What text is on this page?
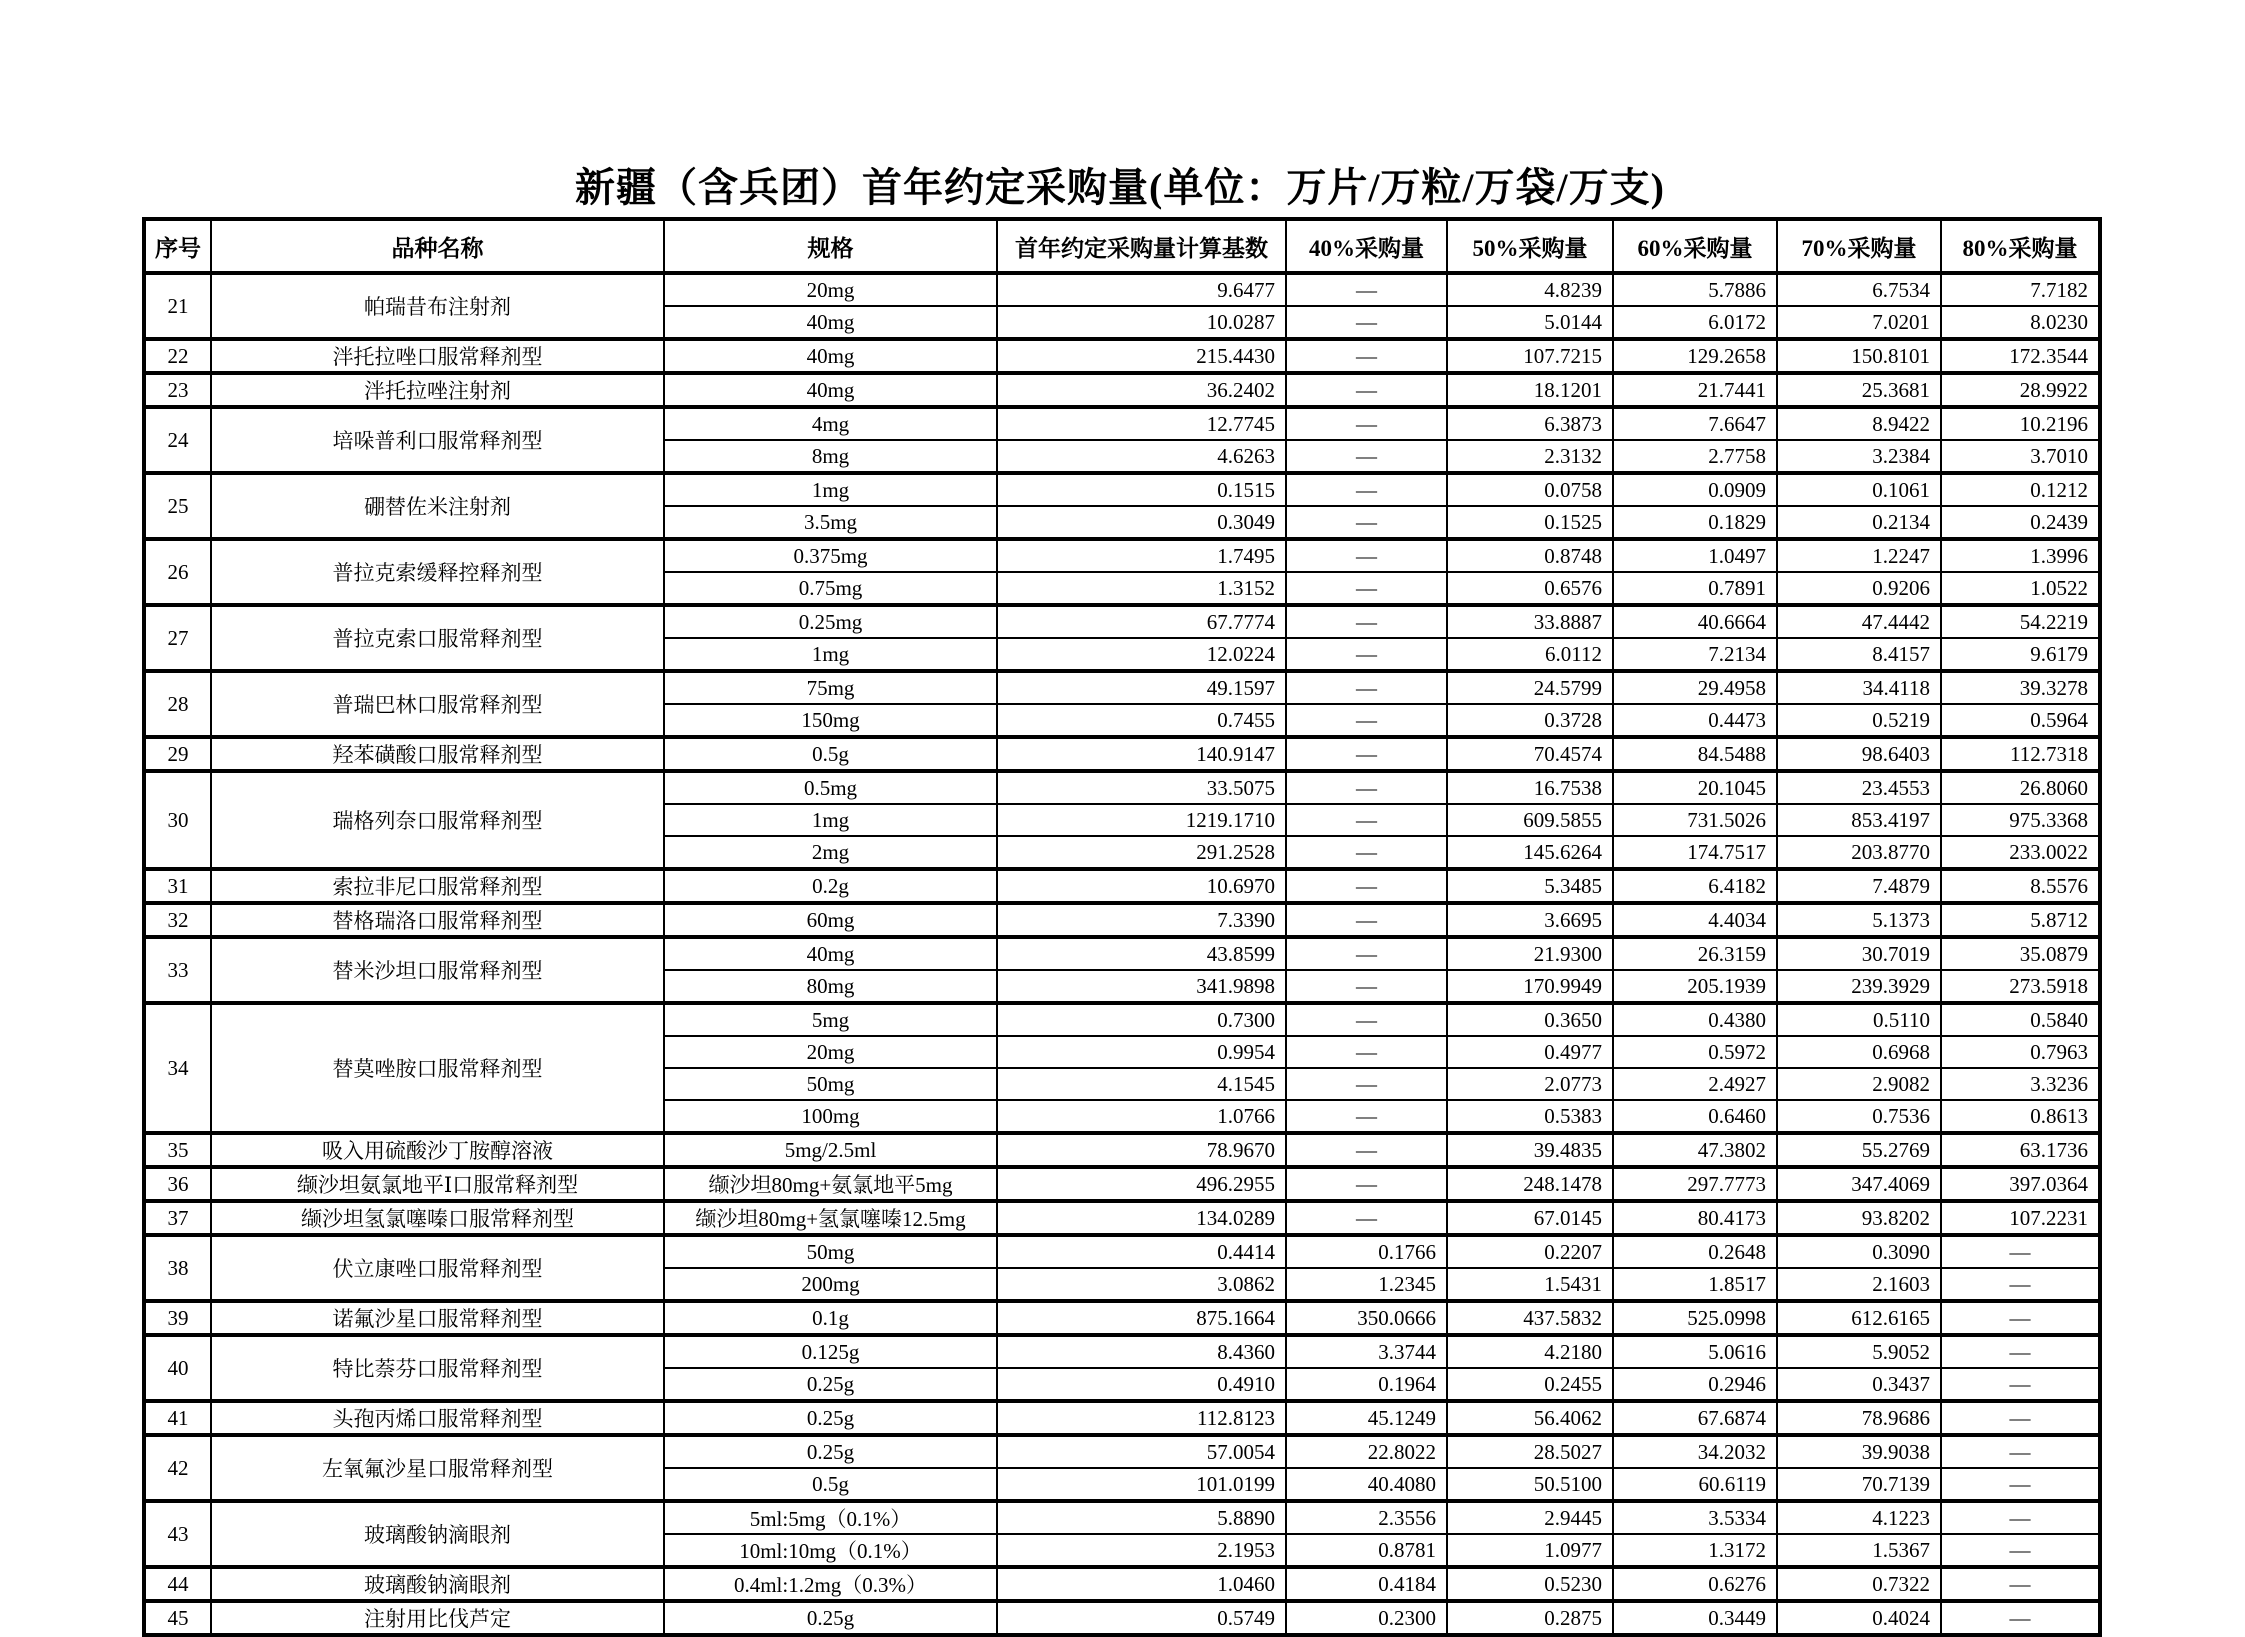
新疆（含兵团）首年约定采购量(单位：万片/万粒/万袋/万支)
序号	品种名称	规格	首年约定采购量计算基数	40%采购量	50%采购量	60%采购量	70%采购量	80%采购量
21	帕瑞昔布注射剂	20mg	9.6477	—	4.8239	5.7886	6.7534	7.7182
		40mg	10.0287	—	5.0144	6.0172	7.0201	8.0230
22	泮托拉唑口服常释剂型	40mg	215.4430	—	107.7215	129.2658	150.8101	172.3544
23	泮托拉唑注射剂	40mg	36.2402	—	18.1201	21.7441	25.3681	28.9922
24	培哚普利口服常释剂型	4mg	12.7745	—	6.3873	7.6647	8.9422	10.2196
		8mg	4.6263	—	2.3132	2.7758	3.2384	3.7010
25	硼替佐米注射剂	1mg	0.1515	—	0.0758	0.0909	0.1061	0.1212
		3.5mg	0.3049	—	0.1525	0.1829	0.2134	0.2439
26	普拉克索缓释控释剂型	0.375mg	1.7495	—	0.8748	1.0497	1.2247	1.3996
		0.75mg	1.3152	—	0.6576	0.7891	0.9206	1.0522
27	普拉克索口服常释剂型	0.25mg	67.7774	—	33.8887	40.6664	47.4442	54.2219
		1mg	12.0224	—	6.0112	7.2134	8.4157	9.6179
28	普瑞巴林口服常释剂型	75mg	49.1597	—	24.5799	29.4958	34.4118	39.3278
		150mg	0.7455	—	0.3728	0.4473	0.5219	0.5964
29	羟苯磺酸口服常释剂型	0.5g	140.9147	—	70.4574	84.5488	98.6403	112.7318
30	瑞格列奈口服常释剂型	0.5mg	33.5075	—	16.7538	20.1045	23.4553	26.8060
		1mg	1219.1710	—	609.5855	731.5026	853.4197	975.3368
		2mg	291.2528	—	145.6264	174.7517	203.8770	233.0022
31	索拉非尼口服常释剂型	0.2g	10.6970	—	5.3485	6.4182	7.4879	8.5576
32	替格瑞洛口服常释剂型	60mg	7.3390	—	3.6695	4.4034	5.1373	5.8712
33	替米沙坦口服常释剂型	40mg	43.8599	—	21.9300	26.3159	30.7019	35.0879
		80mg	341.9898	—	170.9949	205.1939	239.3929	273.5918
34	替莫唑胺口服常释剂型	5mg	0.7300	—	0.3650	0.4380	0.5110	0.5840
		20mg	0.9954	—	0.4977	0.5972	0.6968	0.7963
		50mg	4.1545	—	2.0773	2.4927	2.9082	3.3236
		100mg	1.0766	—	0.5383	0.6460	0.7536	0.8613
35	吸入用硫酸沙丁胺醇溶液	5mg/2.5ml	78.9670	—	39.4835	47.3802	55.2769	63.1736
36	缬沙坦氨氯地平Ⅰ口服常释剂型	缬沙坦80mg+氨氯地平5mg	496.2955	—	248.1478	297.7773	347.4069	397.0364
37	缬沙坦氢氯噻嗪口服常释剂型	缬沙坦80mg+氢氯噻嗪12.5mg	134.0289	—	67.0145	80.4173	93.8202	107.2231
38	伏立康唑口服常释剂型	50mg	0.4414	0.1766	0.2207	0.2648	0.3090	—
		200mg	3.0862	1.2345	1.5431	1.8517	2.1603	—
39	诺氟沙星口服常释剂型	0.1g	875.1664	350.0666	437.5832	525.0998	612.6165	—
40	特比萘芬口服常释剂型	0.125g	8.4360	3.3744	4.2180	5.0616	5.9052	—
		0.25g	0.4910	0.1964	0.2455	0.2946	0.3437	—
41	头孢丙烯口服常释剂型	0.25g	112.8123	45.1249	56.4062	67.6874	78.9686	—
42	左氧氟沙星口服常释剂型	0.25g	57.0054	22.8022	28.5027	34.2032	39.9038	—
		0.5g	101.0199	40.4080	50.5100	60.6119	70.7139	—
43	玻璃酸钠滴眼剂	5ml:5mg（0.1%）	5.8890	2.3556	2.9445	3.5334	4.1223	—
		10ml:10mg（0.1%）	2.1953	0.8781	1.0977	1.3172	1.5367	—
44	玻璃酸钠滴眼剂	0.4ml:1.2mg（0.3%）	1.0460	0.4184	0.5230	0.6276	0.7322	—
45	注射用比伐芦定	0.25g	0.5749	0.2300	0.2875	0.3449	0.4024	—
